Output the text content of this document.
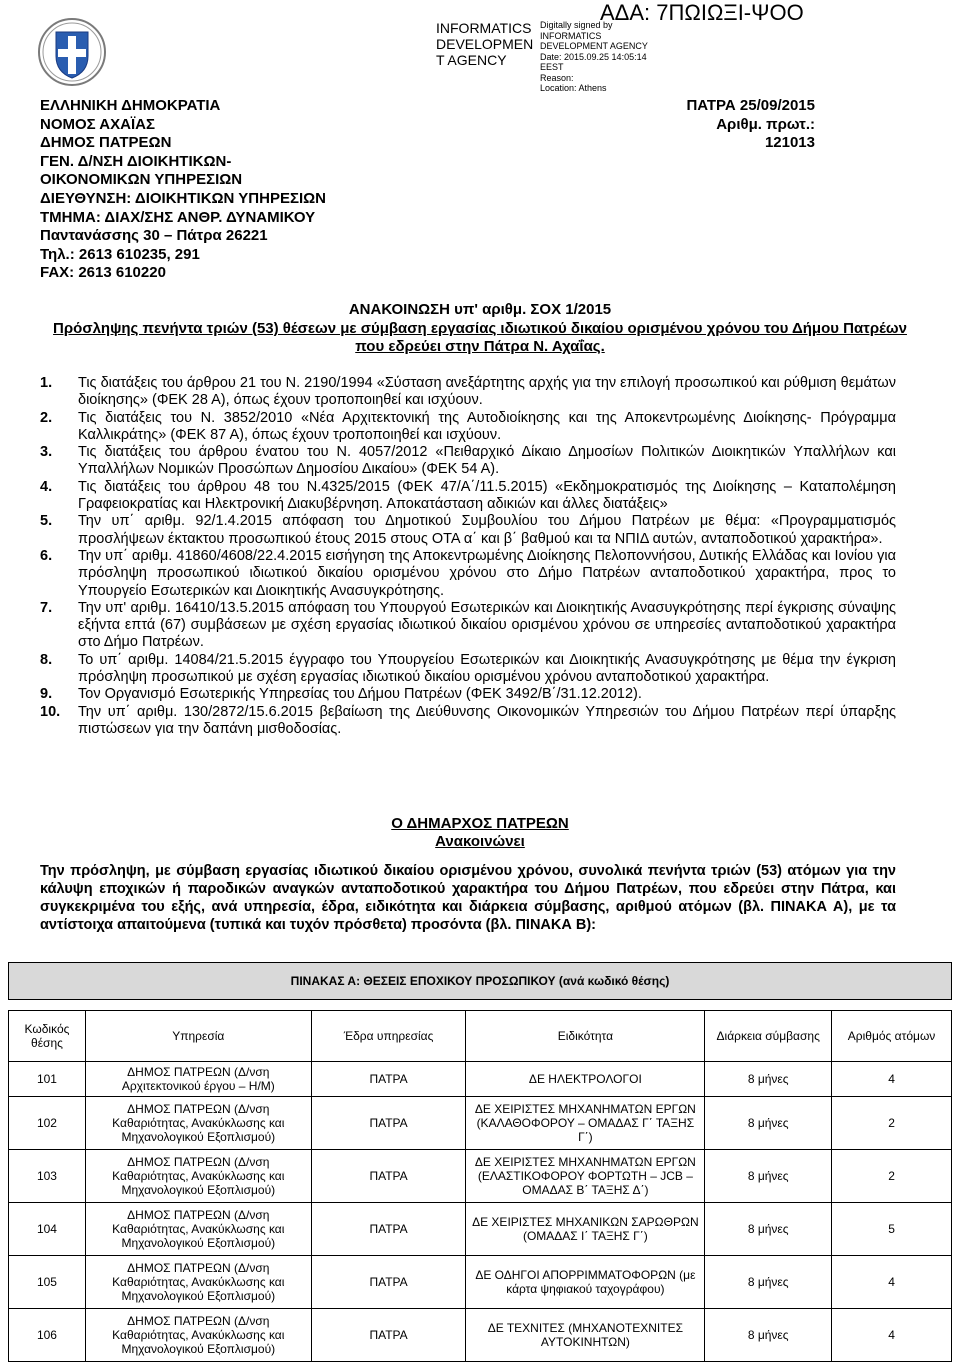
ΑΔΑ: 7ΠΩΙΩΞΙ-ΨΟΟ
INFORMATICS
DEVELOPMEN
T AGENCY
Digitally signed by
INFORMATICS
DEVELOPMENT AGENCY
Date: 2015.09.25 14:05:14
EEST
Reason:
Location: Athens
ΕΛΛΗΝΙΚΗ ΔΗΜΟΚΡΑΤΙΑ
ΝΟΜΟΣ ΑΧΑΪΑΣ
ΔΗΜΟΣ ΠΑΤΡΕΩΝ
ΓΕΝ. Δ/ΝΣΗ ΔΙΟΙΚΗΤΙΚΩΝ-
ΟΙΚΟΝΟΜΙΚΩΝ ΥΠΗΡΕΣΙΩΝ
ΔΙΕΥΘΥΝΣΗ: ΔΙΟΙΚΗΤΙΚΩΝ ΥΠΗΡΕΣΙΩΝ
ΤΜΗΜΑ: ΔΙΑΧ/ΣΗΣ ΑΝΘΡ. ΔΥΝΑΜΙΚΟΥ
Παντανάσσης 30 – Πάτρα 26221
Τηλ.: 2613 610235, 291
FAX: 2613 610220
ΠΑΤΡΑ 25/09/2015
Αριθμ. πρωτ.: 121013
ΑΝΑΚΟΙΝΩΣΗ υπ' αριθμ. ΣΟΧ 1/2015
Πρόσληψης πενήντα τριών (53) θέσεων με σύμβαση εργασίας ιδιωτικού δικαίου ορισμένου χρόνου του Δήμου Πατρέων που εδρεύει στην Πάτρα Ν. Αχαΐας.
1.	Τις διατάξεις του άρθρου 21 του Ν. 2190/1994 «Σύσταση ανεξάρτητης αρχής για την επιλογή προσωπικού και ρύθμιση θεμάτων διοίκησης» (ΦΕΚ 28 Α), όπως έχουν τροποποιηθεί και ισχύουν.
2.	Τις διατάξεις του Ν. 3852/2010 «Νέα Αρχιτεκτονική της Αυτοδιοίκησης και της Αποκεντρωμένης Διοίκησης- Πρόγραμμα Καλλικράτης» (ΦΕΚ 87 Α), όπως έχουν τροποποιηθεί και ισχύουν.
3.	Τις διατάξεις του άρθρου ένατου του Ν. 4057/2012 «Πειθαρχικό Δίκαιο Δημοσίων Πολιτικών Διοικητικών Υπαλλήλων και Υπαλλήλων Νομικών Προσώπων Δημοσίου Δικαίου» (ΦΕΚ 54 Α).
4.	Τις διατάξεις του άρθρου 48 του Ν.4325/2015 (ΦΕΚ 47/Α΄/11.5.2015) «Εκδημοκρατισμός της Διοίκησης – Καταπολέμηση Γραφειοκρατίας και Ηλεκτρονική Διακυβέρνηση. Αποκατάσταση αδικιών και άλλες διατάξεις»
5.	Την υπ΄ αριθμ. 92/1.4.2015 απόφαση του Δημοτικού Συμβουλίου του Δήμου Πατρέων με θέμα: «Προγραμματισμός προσλήψεων έκτακτου προσωπικού έτους 2015 στους ΟΤΑ α΄ και β΄ βαθμού και τα ΝΠΙΔ αυτών, ανταποδοτικού χαρακτήρα».
6.	Την υπ΄ αριθμ. 41860/4608/22.4.2015 εισήγηση της Αποκεντρωμένης Διοίκησης Πελοποννήσου, Δυτικής Ελλάδας και Ιονίου για πρόσληψη προσωπικού ιδιωτικού δικαίου ορισμένου χρόνου στο Δήμο Πατρέων ανταποδοτικού χαρακτήρα, προς το Υπουργείο Εσωτερικών και Διοικητικής Ανασυγκρότησης.
7.	Την υπ' αριθμ. 16410/13.5.2015 απόφαση του Υπουργού Εσωτερικών και Διοικητικής Ανασυγκρότησης περί έγκρισης σύναψης εξήντα επτά (67) συμβάσεων με σχέση εργασίας ιδιωτικού δικαίου ορισμένου χρόνου σε υπηρεσίες ανταποδοτικού χαρακτήρα στο Δήμο Πατρέων.
8.	Το υπ΄ αριθμ. 14084/21.5.2015 έγγραφο του Υπουργείου Εσωτερικών και Διοικητικής Ανασυγκρότησης με θέμα την έγκριση πρόσληψη προσωπικού με σχέση εργασίας ιδιωτικού δικαίου ορισμένου χρόνου ανταποδοτικού χαρακτήρα.
9.	Τον Οργανισμό Εσωτερικής Υπηρεσίας του Δήμου Πατρέων (ΦΕΚ 3492/Β΄/31.12.2012).
10.	Την υπ΄ αριθμ. 130/2872/15.6.2015 βεβαίωση της Διεύθυνσης Οικονομικών Υπηρεσιών του Δήμου Πατρέων περί ύπαρξης πιστώσεων για την δαπάνη μισθοδοσίας.
Ο ΔΗΜΑΡΧΟΣ ΠΑΤΡΕΩΝ
Ανακοινώνει
Την πρόσληψη, με σύμβαση εργασίας ιδιωτικού δικαίου ορισμένου χρόνου, συνολικά πενήντα τριών (53) ατόμων για την κάλυψη εποχικών ή παροδικών αναγκών ανταποδοτικού χαρακτήρα του Δήμου Πατρέων, που εδρεύει στην Πάτρα, και συγκεκριμένα του εξής, ανά υπηρεσία, έδρα, ειδικότητα και διάρκεια σύμβασης, αριθμού ατόμων (βλ. ΠΙΝΑΚΑ Α), με τα αντίστοιχα απαιτούμενα (τυπικά και τυχόν πρόσθετα) προσόντα (βλ. ΠΙΝΑΚΑ Β):
ΠΙΝΑΚΑΣ Α: ΘΕΣΕΙΣ ΕΠΟΧΙΚΟΥ ΠΡΟΣΩΠΙΚΟΥ (ανά κωδικό θέσης)					

Κωδικός θέσης	Υπηρεσία	Έδρα υπηρεσίας	Ειδικότητα	Διάρκεια σύμβασης	Αριθμός ατόμων
101	ΔΗΜΟΣ ΠΑΤΡΕΩΝ (Δ/νση Αρχιτεκτονικού έργου – Η/Μ)	ΠΑΤΡΑ	ΔΕ ΗΛΕΚΤΡΟΛΟΓΟΙ	8 μήνες	4
102	ΔΗΜΟΣ ΠΑΤΡΕΩΝ (Δ/νση Καθαριότητας, Ανακύκλωσης και Μηχανολογικού Εξοπλισμού)	ΠΑΤΡΑ	ΔΕ ΧΕΙΡΙΣΤΕΣ ΜΗΧΑΝΗΜΑΤΩΝ ΕΡΓΩΝ (ΚΑΛΑΘΟΦΟΡΟΥ – ΟΜΑΔΑΣ Γ΄ ΤΑΞΗΣ Γ΄)	8 μήνες	2
103	ΔΗΜΟΣ ΠΑΤΡΕΩΝ (Δ/νση Καθαριότητας, Ανακύκλωσης και Μηχανολογικού Εξοπλισμού)	ΠΑΤΡΑ	ΔΕ ΧΕΙΡΙΣΤΕΣ ΜΗΧΑΝΗΜΑΤΩΝ ΕΡΓΩΝ (ΕΛΑΣΤΙΚΟΦΟΡΟΥ ΦΟΡΤΩΤΗ – JCB – ΟΜΑΔΑΣ Β΄ ΤΑΞΗΣ Δ΄)	8 μήνες	2
104	ΔΗΜΟΣ ΠΑΤΡΕΩΝ (Δ/νση Καθαριότητας, Ανακύκλωσης και Μηχανολογικού Εξοπλισμού)	ΠΑΤΡΑ	ΔΕ ΧΕΙΡΙΣΤΕΣ ΜΗΧΑΝΙΚΩΝ ΣΑΡΩΘΡΩΝ (ΟΜΑΔΑΣ Ι΄ ΤΑΞΗΣ Γ΄)	8 μήνες	5
105	ΔΗΜΟΣ ΠΑΤΡΕΩΝ (Δ/νση Καθαριότητας, Ανακύκλωσης και Μηχανολογικού Εξοπλισμού)	ΠΑΤΡΑ	ΔΕ ΟΔΗΓΟΙ ΑΠΟΡΡΙΜΜΑΤΟΦΟΡΩΝ (με κάρτα ψηφιακού ταχογράφου)	8 μήνες	4
106	ΔΗΜΟΣ ΠΑΤΡΕΩΝ (Δ/νση Καθαριότητας, Ανακύκλωσης και Μηχανολογικού Εξοπλισμού)	ΠΑΤΡΑ	ΔΕ ΤΕΧΝΙΤΕΣ (ΜΗΧΑΝΟΤΕΧΝΙΤΕΣ ΑΥΤΟΚΙΝΗΤΩΝ)	8 μήνες	4
